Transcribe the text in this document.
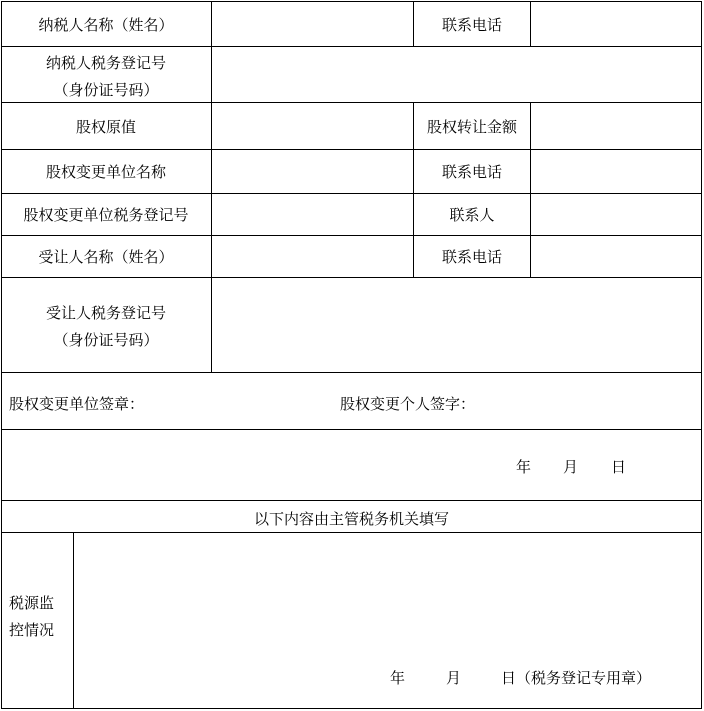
纳税人名称（姓名）	联系电话
纳税人税务登记号
（身份证号码）
股权原值	股权转让金额
股权变更单位名称	联系电话
股权变更单位税务登记号	联系人
受让人名称（姓名）	联系电话
受让人税务登记号
（身份证号码）
股权变更单位签章：	股权变更个人签字：
年 月 日
以下内容由主管税务机关填写
税源监
控情况
年	月	日（税务登记专用章）
